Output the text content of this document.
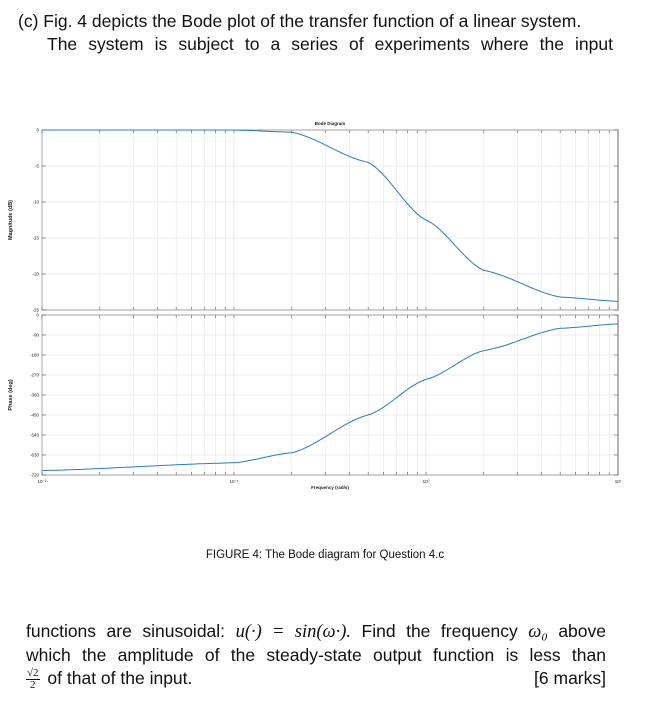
(c) Fig. 4 depicts the Bode plot of the transfer function of a linear system.
The system is subject to a series of experiments where the input
Bode Diagram
0
-5
-10
-15
-20
-25
Magnitude (dB)
0
-90
-180
-270
-360
-450
-540
-630
-720
Phase (deg)
10⁻²	10⁻¹	10⁰	10¹
Frequency (rad/s)
FIGURE 4: The Bode diagram for Question 4.c
functions are sinusoidal: u(·) = sin(ω·). Find the frequency ω₀ above
which the amplitude of the steady-state output function is less than
$\frac{√2}{2}$ of that of the input.	[6 marks]
